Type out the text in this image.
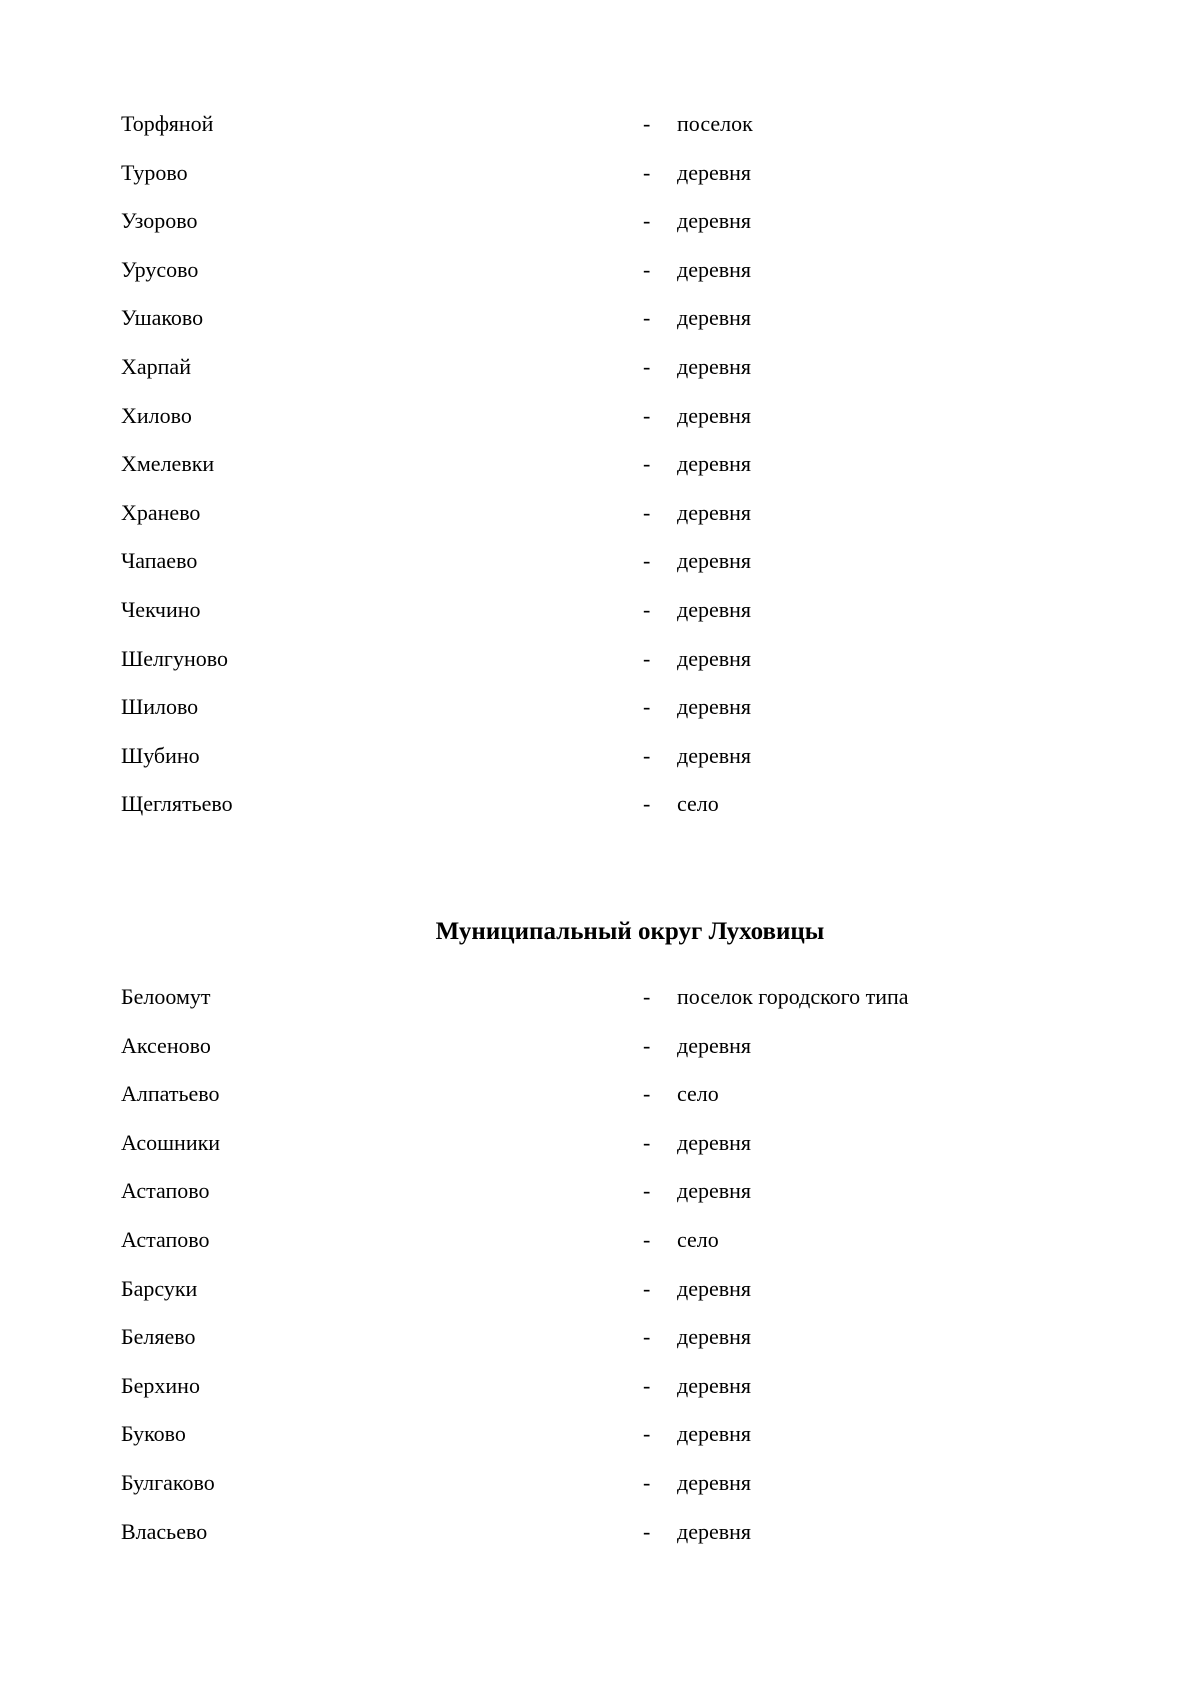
Торфяной	- поселок
Турово	- деревня
Узорово	- деревня
Урусово	- деревня
Ушаково	- деревня
Харпай	- деревня
Хилово	- деревня
Хмелевки	- деревня
Хранево	- деревня
Чапаево	- деревня
Чекчино	- деревня
Шелгуново	- деревня
Шилово	- деревня
Шубино	- деревня
Щеглятьево	- село
Муниципальный округ Луховицы
Белоомут	- поселок городского типа
Аксеново	- деревня
Алпатьево	- село
Асошники	- деревня
Астапово	- деревня
Астапово	- село
Барсуки	- деревня
Беляево	- деревня
Берхино	- деревня
Буково	- деревня
Булгаково	- деревня
Власьево	- деревня
